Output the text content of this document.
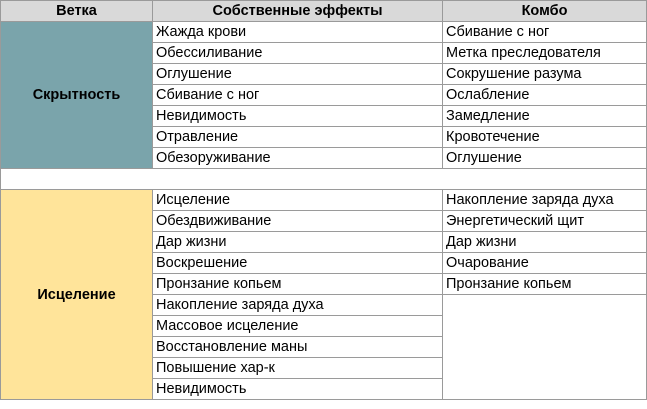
Ветка	Собственные эффекты	Комбо
Скрытность	Жажда крови	Сбивание с ног
	Обессиливание	Метка преследователя
	Оглушение	Сокрушение разума
	Сбивание с ног	Ослабление
	Невидимость	Замедление
	Отравление	Кровотечение
	Обезоруживание	Оглушение

Исцеление	Исцеление	Накопление заряда духа
	Обездвиживание	Энергетический щит
	Дар жизни	Дар жизни
	Воскрешение	Очарование
	Пронзание копьем	Пронзание копьем
	Накопление заряда духа	
	Массовое исцеление	
	Восстановление маны	
	Повышение хар-к	
	Невидимость	
